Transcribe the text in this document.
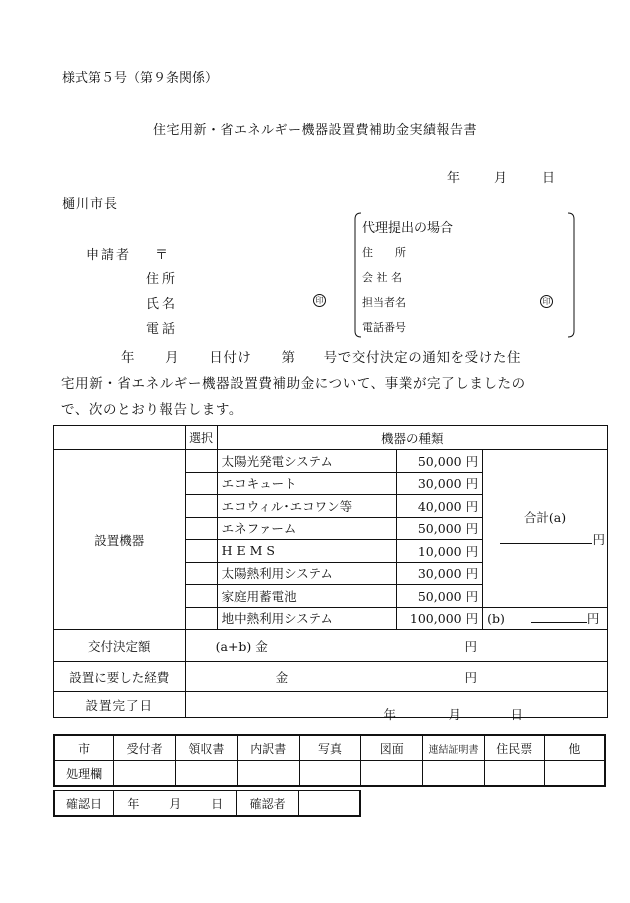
様式第５号（第９条関係）
住宅用新・省エネルギー機器設置費補助金実績報告書
年	月	日
樋川市長
申請者 〒
住所
氏名
電話
印
代理提出の場合
住　　所
会 社 名
担当者名
電話番号
印
年 月 日付け 第 号で交付決定の通知を受けた住
宅用新・省エネルギー機器設置費補助金について、事業が完了しましたの
で、次のとおり報告します。
	選択	機器の種類		
設置機器		太陽光発電システム	50,000 円	合計(a)
円

		エコキュート	30,000 円	
		エコウィル･エコワン等	40,000 円	
		エネファーム	50,000 円	
		HEMS	10,000 円	
		太陽熱利用システム	30,000 円	
		家庭用蓄電池	50,000 円	
		地中熱利用システム	100,000 円	(b) 円
交付決定額	(a+b) 金 円			

設置に要した経費	金 円			

設置完了日	年 月 日			
市	受付者	領収書	内訳書	写真	図面	連結証明書	住民票	他
処理欄								
確認日	年 月 日	確認者	
